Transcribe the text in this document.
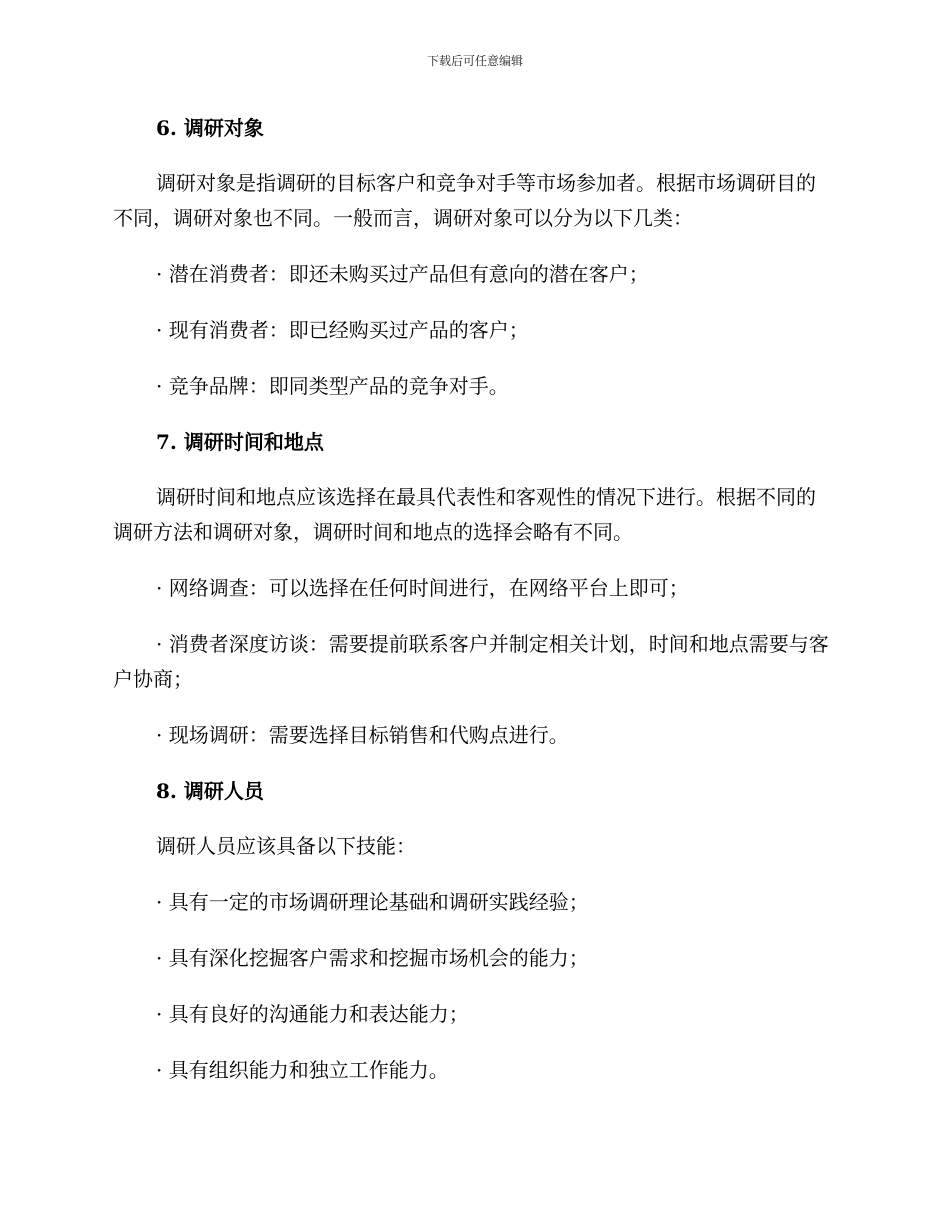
下载后可任意编辑
6. 调研对象

调研对象是指调研的目标客户和竞争对手等市场参加者。根据市场调研目的不同，调研对象也不同。一般而言，调研对象可以分为以下几类：

· 潜在消费者：即还未购买过产品但有意向的潜在客户；

· 现有消费者：即已经购买过产品的客户；

· 竞争品牌：即同类型产品的竞争对手。

7. 调研时间和地点

调研时间和地点应该选择在最具代表性和客观性的情况下进行。根据不同的调研方法和调研对象，调研时间和地点的选择会略有不同。

· 网络调查：可以选择在任何时间进行，在网络平台上即可；

· 消费者深度访谈：需要提前联系客户并制定相关计划，时间和地点需要与客户协商；

· 现场调研：需要选择目标销售和代购点进行。

8. 调研人员

调研人员应该具备以下技能：

· 具有一定的市场调研理论基础和调研实践经验；

· 具有深化挖掘客户需求和挖掘市场机会的能力；

· 具有良好的沟通能力和表达能力；

· 具有组织能力和独立工作能力。
